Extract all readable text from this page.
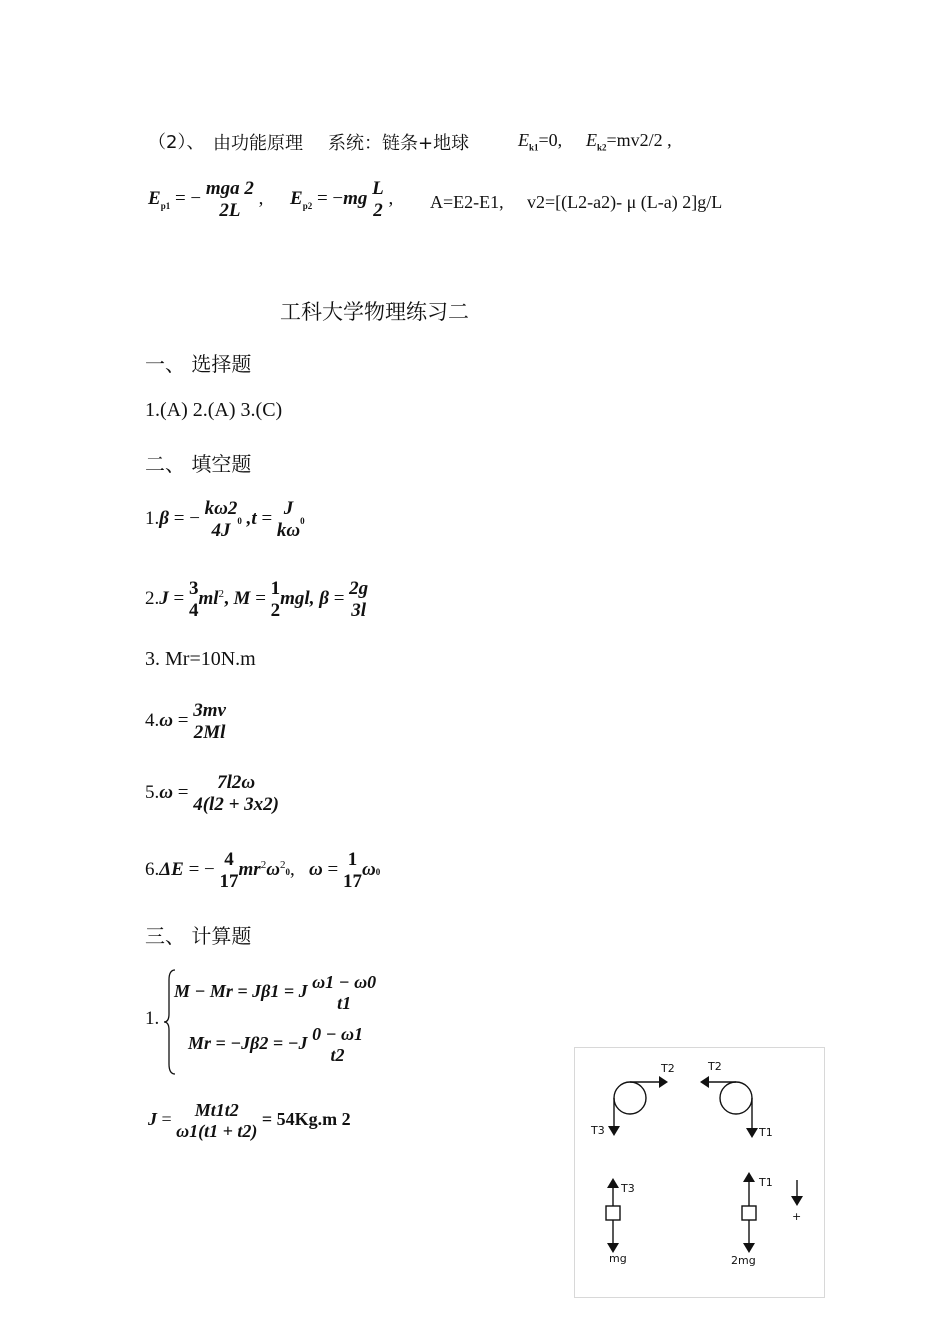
（2）、 由功能原理 系统：链条+地球	$E_{k1}=0$, $E_{k2}=mv2/2$ ,
$E_{p1}$ = − mga 2
2L
, $E_{p2} = -mg$ L
2
, A=E2-E1, v2=[(L2-a2)- μ (L-a) 2]g/L
工科大学物理练习二
一、 选择题
1.(A) 2.(A) 3.(C)
二、 填空题
1.β = − kω2
4J 0 ,t = J
kω 0
2.J = 3
4
$ml^2$, M = 1
2
mgl, β = 2g
3l
3. Mr=10N.m
4.ω = 3mv
2Ml
5.ω =	7l2ω
4(l2 + 3x2)
6.ΔE = − 4
17
$mr^2\omega^20$,   ω = 1
17
ω0
三、 计算题
1.
M − Mr = Jβ1 = J ω1 − ω0
t1
Mr = −Jβ2 = −J 0 − ω1
t2
J =	Mt1t2
ω1(t1 + t2)
= 54Kg.m 2
T2	T2
T3	T1
T3	T1
mg	2mg
+
